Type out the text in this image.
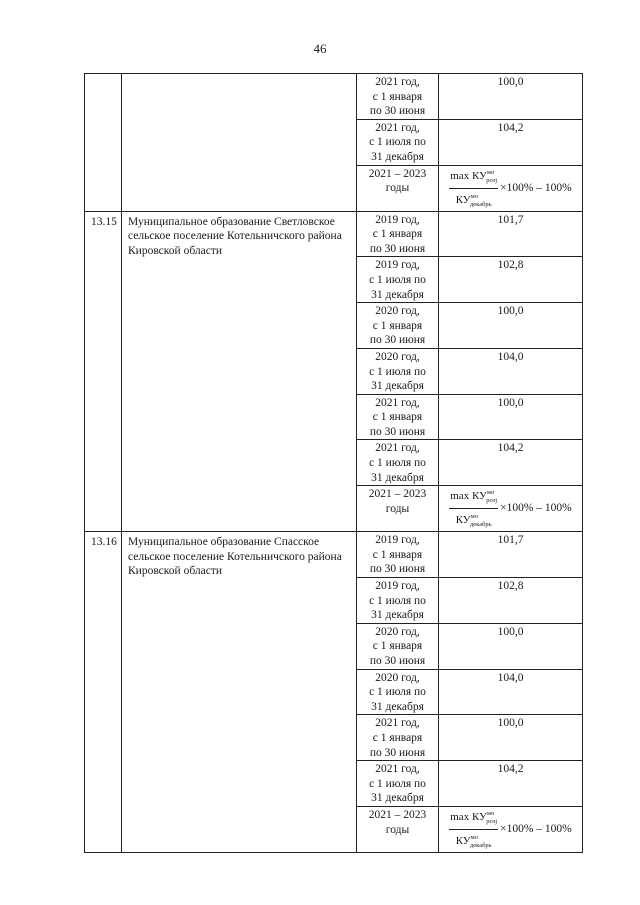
46

		2021 год,
с 1 января
по 30 июня	100,0

		2021 год,
с 1 июля по
31 декабря	104,2

		2021 – 2023
годы	$\frac{\max КУ^{мо}_{розj}}{КУ^{мо}_{декабрь}} \times 100\% - 100\%$

13.15	Муниципальное образование Светловское сельское поселение Котельничского района Кировской области	2019 год,
с 1 января
по 30 июня	101,7

		2019 год,
с 1 июля по
31 декабря	102,8

		2020 год,
с 1 января
по 30 июня	100,0

		2020 год,
с 1 июля по
31 декабря	104,0

		2021 год,
с 1 января
по 30 июня	100,0

		2021 год,
с 1 июля по
31 декабря	104,2

		2021 – 2023
годы	$\frac{\max КУ^{мо}_{розj}}{КУ^{мо}_{декабрь}} \times 100\% - 100\%$

13.16	Муниципальное образование Спасское сельское поселение Котельничского района Кировской области	2019 год,
с 1 января
по 30 июня	101,7

		2019 год,
с 1 июля по
31 декабря	102,8

		2020 год,
с 1 января
по 30 июня	100,0

		2020 год,
с 1 июля по
31 декабря	104,0

		2021 год,
с 1 января
по 30 июня	100,0

		2021 год,
с 1 июля по
31 декабря	104,2

		2021 – 2023
годы	$\frac{\max КУ^{мо}_{розj}}{КУ^{мо}_{декабрь}} \times 100\% - 100\%$
